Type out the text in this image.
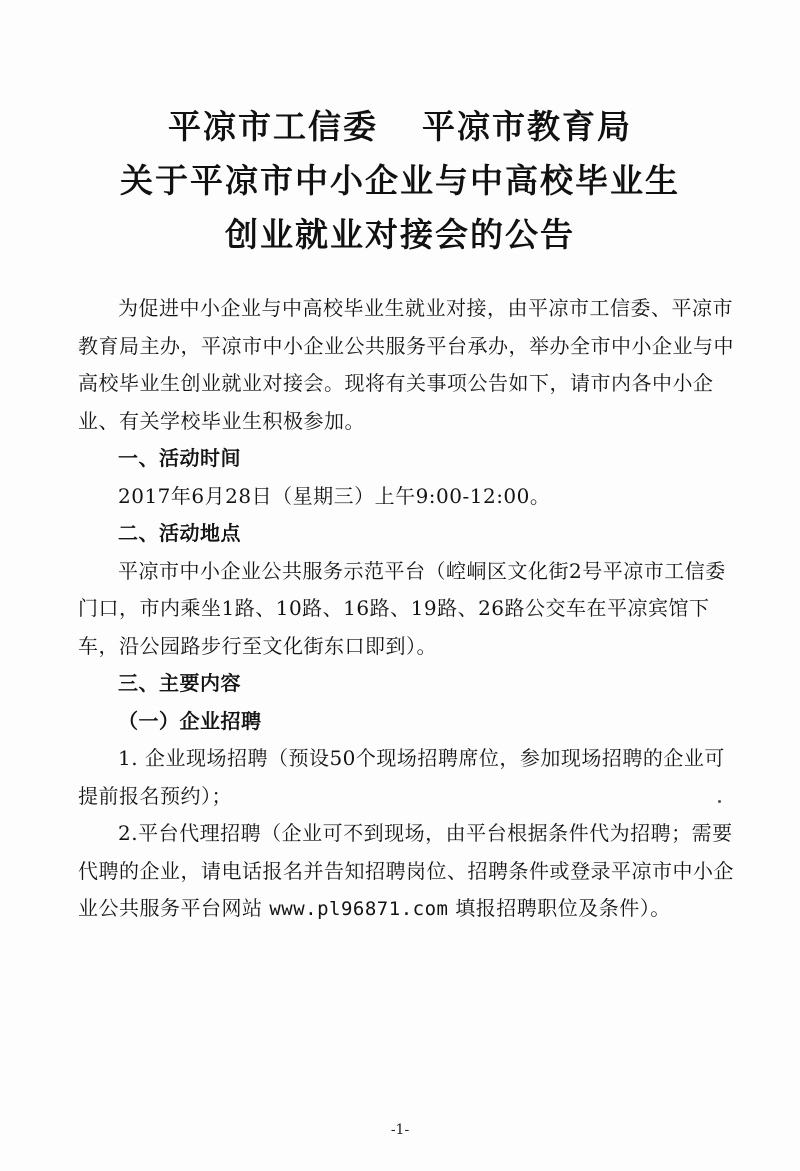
平凉市工信委 平凉市教育局
关于平凉市中小企业与中高校毕业生
创业就业对接会的公告

为促进中小企业与中高校毕业生就业对接，由平凉市工信委、平凉市教育局主办，平凉市中小企业公共服务平台承办，举办全市中小企业与中高校毕业生创业就业对接会。现将有关事项公告如下，请市内各中小企业、有关学校毕业生积极参加。

一、活动时间

2017年6月28日（星期三）上午9:00-12:00。

二、活动地点

平凉市中小企业公共服务示范平台（崆峒区文化街2号平凉市工信委门口，市内乘坐1路、10路、16路、19路、26路公交车在平凉宾馆下车，沿公园路步行至文化街东口即到）。

三、主要内容

（一）企业招聘

1. 企业现场招聘（预设50个现场招聘席位，参加现场招聘的企业可提前报名预约）；

2.平台代理招聘（企业可不到现场，由平台根据条件代为招聘；需要代聘的企业，请电话报名并告知招聘岗位、招聘条件或登录平凉市中小企业公共服务平台网站 www.pl96871.com 填报招聘职位及条件）。

-1-
